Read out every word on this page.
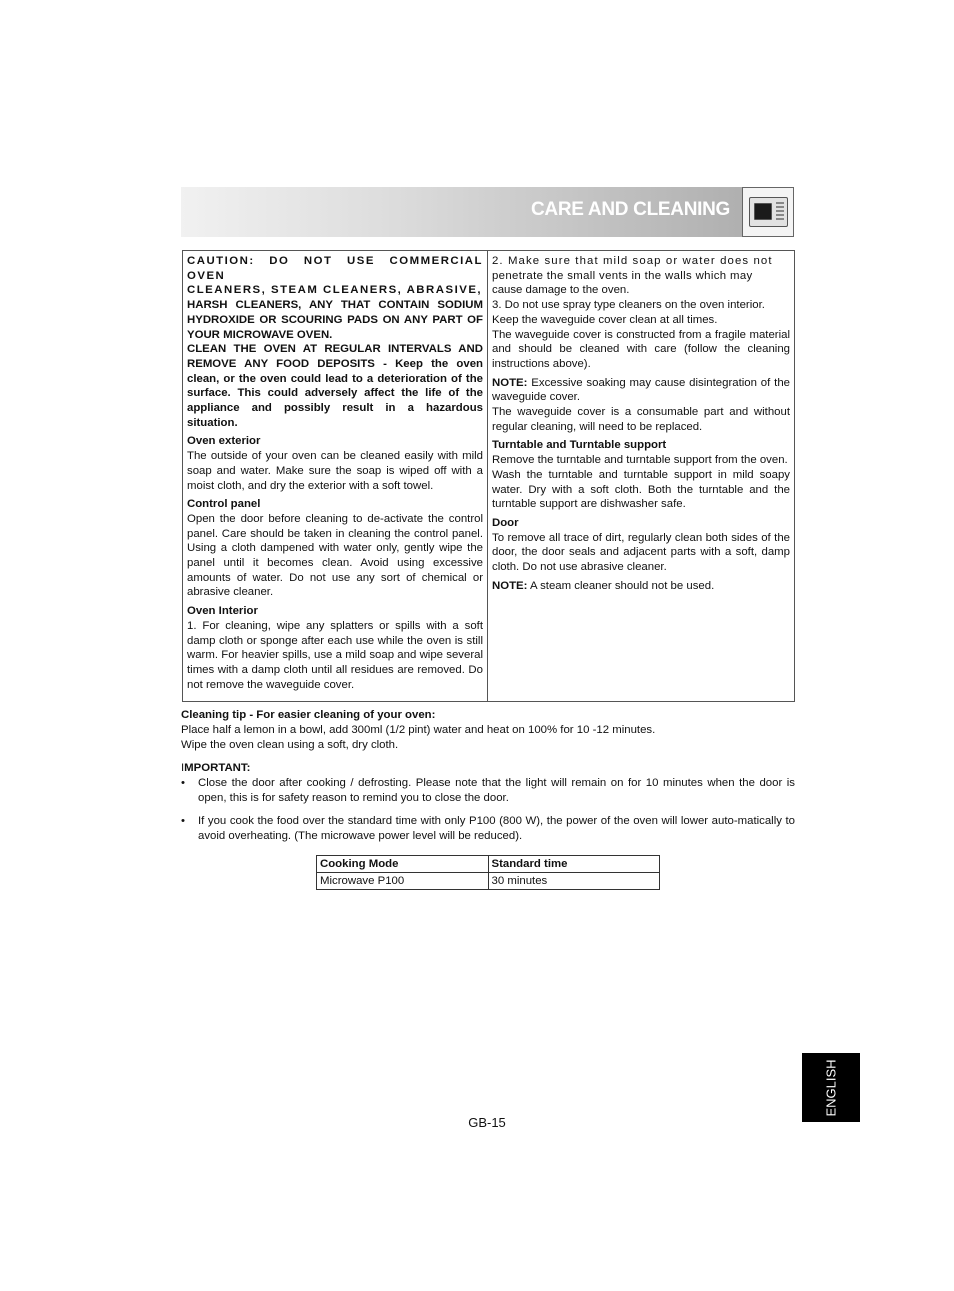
CARE AND CLEANING

CAUTION: DO NOT USE COMMERCIAL OVEN

CLEANERS, STEAM CLEANERS, ABRASIVE,

HARSH CLEANERS, ANY THAT CONTAIN SODIUM HYDROXIDE OR SCOURING PADS ON ANY PART OF YOUR MICROWAVE OVEN.

CLEAN THE OVEN AT REGULAR INTERVALS AND REMOVE ANY FOOD DEPOSITS - Keep the oven clean, or the oven could lead to a deterioration of the surface. This could adversely affect the life of the appliance and possibly result in a hazardous situation.

Oven exterior

The outside of your oven can be cleaned easily with mild soap and water. Make sure the soap is wiped off with a moist cloth, and dry the exterior with a soft towel.

Control panel

Open the door before cleaning to de-activate the control panel. Care should be taken in cleaning the control panel. Using a cloth dampened with water only, gently wipe the panel until it becomes clean. Avoid using excessive amounts of water. Do not use any sort of chemical or abrasive cleaner.

Oven Interior

1. For cleaning, wipe any splatters or spills with a soft damp cloth or sponge after each use while the oven is still warm. For heavier spills, use a mild soap and wipe several times with a damp cloth until all residues are removed. Do not remove the waveguide cover.

2. Make sure that mild soap or water does not

penetrate the small vents in the walls which may

cause damage to the oven.

3. Do not use spray type cleaners on the oven interior.

Keep the waveguide cover clean at all times.

The waveguide cover is constructed from a fragile material and should be cleaned with care (follow the cleaning instructions above).

NOTE: Excessive soaking may cause disintegration of the waveguide cover.

The waveguide cover is a consumable part and without regular cleaning, will need to be replaced.

Turntable and Turntable support

Remove the turntable and turntable support from the oven.

Wash the turntable and turntable support in mild soapy water. Dry with a soft cloth. Both the turntable and the turntable support are dishwasher safe.

Door

To remove all trace of dirt, regularly clean both sides of the door, the door seals and adjacent parts with a soft, damp cloth. Do not use abrasive cleaner.

NOTE: A steam cleaner should not be used.

Cleaning tip - For easier cleaning of your oven:

Place half a lemon in a bowl, add 300ml (1/2 pint) water and heat on 100% for 10 -12 minutes.

Wipe the oven clean using a soft, dry cloth.

IMPORTANT:

• Close the door after cooking / defrosting. Please note that the light will remain on for 10 minutes when the door is open, this is for safety reason to remind you to close the door.
• If you cook the food over the standard time with only P100 (800 W), the power of the oven will lower auto-matically to avoid overheating. (The microwave power level will be reduced).
Cooking Mode	Standard time
Microwave P100	30 minutes
ENGLISH
GB-15
